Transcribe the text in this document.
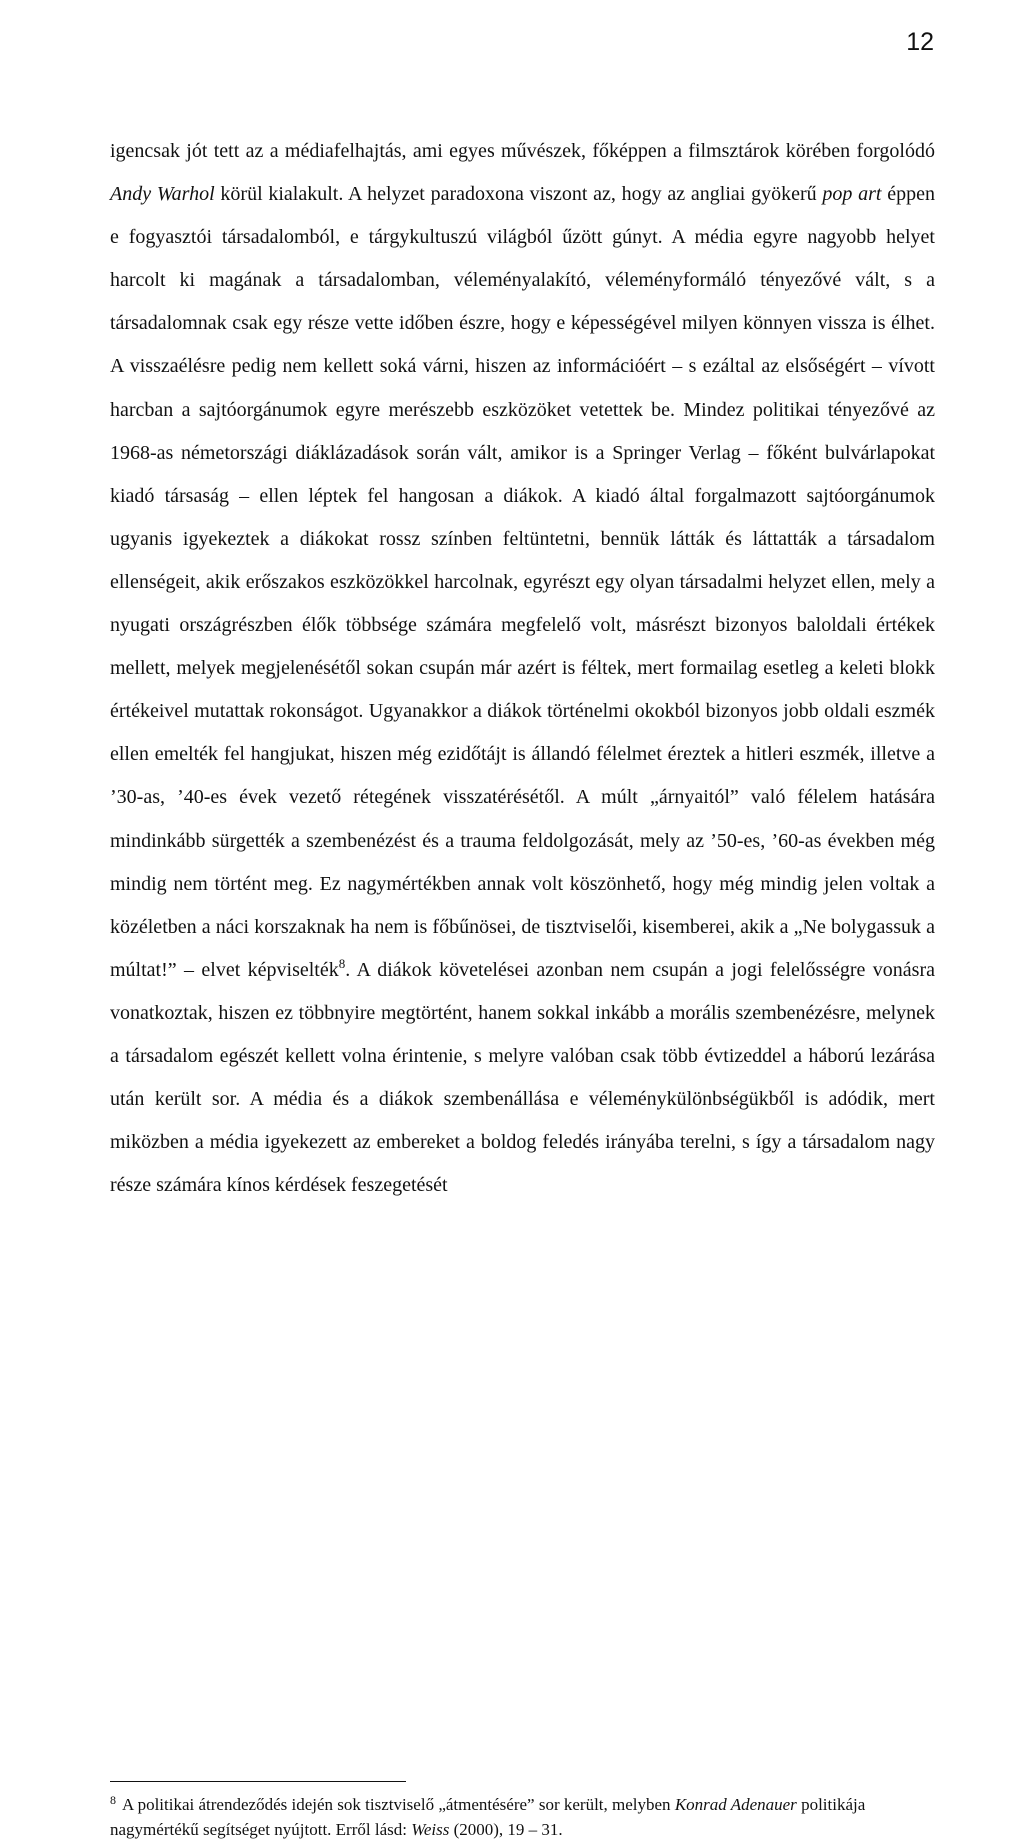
12

igencsak jót tett az a médiafelhajtás, ami egyes művészek, főképpen a filmsztárok körében forgolódó Andy Warhol körül kialakult. A helyzet paradoxona viszont az, hogy az angliai gyökerű pop art éppen e fogyasztói társadalomból, e tárgykultuszú világból űzött gúnyt. A média egyre nagyobb helyet harcolt ki magának a társadalomban, véleményalakító, véleményformáló tényezővé vált, s a társadalomnak csak egy része vette időben észre, hogy e képességével milyen könnyen vissza is élhet. A visszaélésre pedig nem kellett soká várni, hiszen az információért – s ezáltal az elsőségért – vívott harcban a sajtóorgánumok egyre merészebb eszközöket vetettek be. Mindez politikai tényezővé az 1968-as németországi diáklázadások során vált, amikor is a Springer Verlag – főként bulvárlapokat kiadó társaság – ellen léptek fel hangosan a diákok. A kiadó által forgalmazott sajtóorgánumok ugyanis igyekeztek a diákokat rossz színben feltüntetni, bennük látták és láttatták a társadalom ellenségeit, akik erőszakos eszközökkel harcolnak, egyrészt egy olyan társadalmi helyzet ellen, mely a nyugati országrészben élők többsége számára megfelelő volt, másrészt bizonyos baloldali értékek mellett, melyek megjelenésétől sokan csupán már azért is féltek, mert formailag esetleg a keleti blokk értékeivel mutattak rokonságot. Ugyanakkor a diákok történelmi okokból bizonyos jobb oldali eszmék ellen emelték fel hangjukat, hiszen még ezidőtájt is állandó félelmet éreztek a hitleri eszmék, illetve a ’30-as, ’40-es évek vezető rétegének visszatérésétől. A múlt „árnyaitól” való félelem hatására mindinkább sürgették a szembenézést és a trauma feldolgozását, mely az ’50-es, ’60-as években még mindig nem történt meg. Ez nagymértékben annak volt köszönhető, hogy még mindig jelen voltak a közéletben a náci korszaknak ha nem is főbűnösei, de tisztviselői, kisemberei, akik a „Ne bolygassuk a múltat!” – elvet képviselték$^8$. A diákok követelései azonban nem csupán a jogi felelősségre vonásra vonatkoztak, hiszen ez többnyire megtörtént, hanem sokkal inkább a morális szembenézésre, melynek a társadalom egészét kellett volna érintenie, s melyre valóban csak több évtizeddel a háború lezárása után került sor. A média és a diákok szembenállása e véleménykülönbségükből is adódik, mert miközben a média igyekezett az embereket a boldog feledés irányába terelni, s így a társadalom nagy része számára kínos kérdések feszegetését

$^8$ A politikai átrendeződés idején sok tisztviselő „átmentésére” sor került, melyben Konrad Adenauer politikája nagymértékű segítséget nyújtott. Erről lásd: Weiss (2000), 19 – 31.
